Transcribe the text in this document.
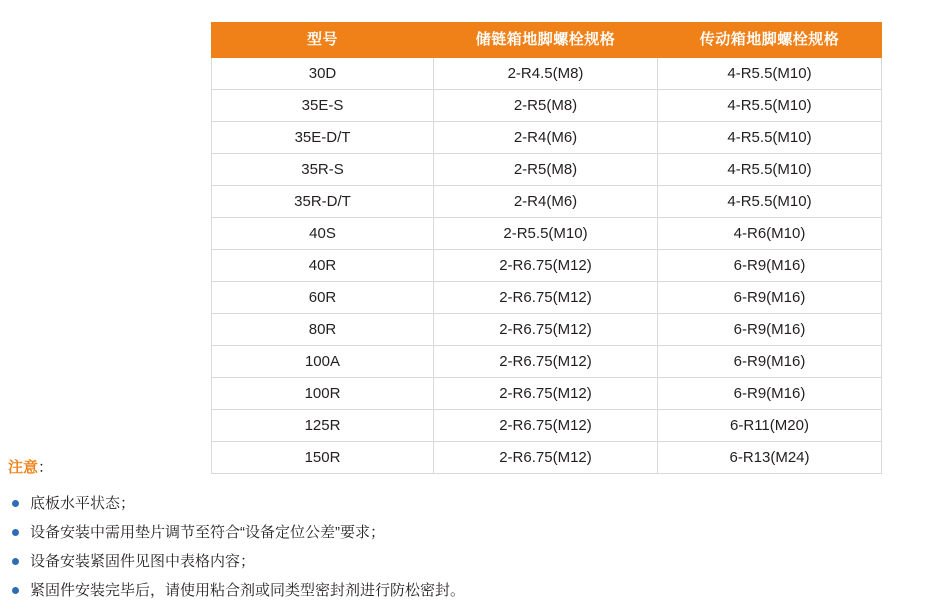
型号	储链箱地脚螺栓规格	传动箱地脚螺栓规格
30D	2-R4.5(M8)	4-R5.5(M10)
35E-S	2-R5(M8)	4-R5.5(M10)
35E-D/T	2-R4(M6)	4-R5.5(M10)
35R-S	2-R5(M8)	4-R5.5(M10)
35R-D/T	2-R4(M6)	4-R5.5(M10)
40S	2-R5.5(M10)	4-R6(M10)
40R	2-R6.75(M12)	6-R9(M16)
60R	2-R6.75(M12)	6-R9(M16)
80R	2-R6.75(M12)	6-R9(M16)
100A	2-R6.75(M12)	6-R9(M16)
100R	2-R6.75(M12)	6-R9(M16)
125R	2-R6.75(M12)	6-R11(M20)
150R	2-R6.75(M12)	6-R13(M24)
注意：
底板水平状态；
设备安装中需用垫片调节至符合“设备定位公差”要求；
设备安装紧固件见图中表格内容；
紧固件安装完毕后，请使用粘合剂或同类型密封剂进行防松密封。
